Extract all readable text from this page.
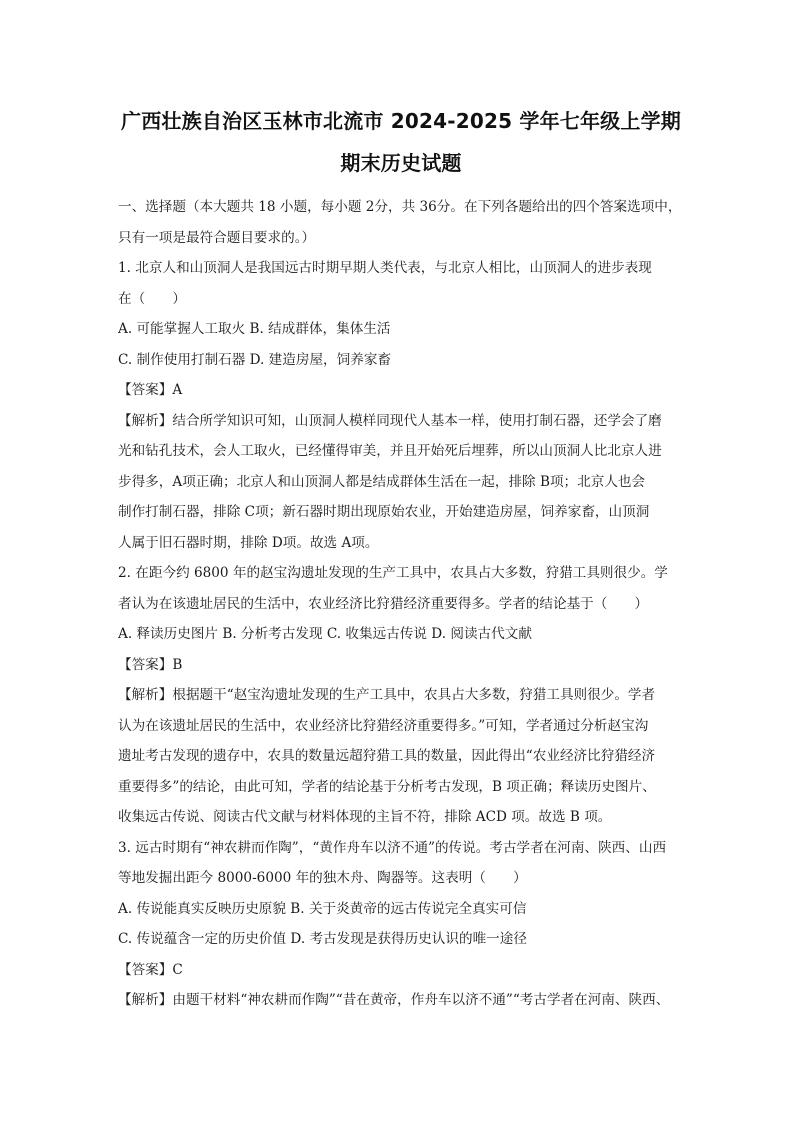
广西壮族自治区玉林市北流市 2024-2025 学年七年级上学期
期末历史试题
一、选择题（本大题共 18 小题，每小题 2分，共 36分。在下列各题给出的四个答案选项中，
只有一项是最符合题目要求的。）
1. 北京人和山顶洞人是我国远古时期早期人类代表，与北京人相比，山顶洞人的进步表现
在（　　）
A. 可能掌握人工取火 B. 结成群体，集体生活
C. 制作使用打制石器 D. 建造房屋，饲养家畜
【答案】A
【解析】结合所学知识可知，山顶洞人模样同现代人基本一样，使用打制石器，还学会了磨
光和钻孔技术，会人工取火，已经懂得审美，并且开始死后埋葬，所以山顶洞人比北京人进
步得多，A项正确；北京人和山顶洞人都是结成群体生活在一起，排除 B项；北京人也会
制作打制石器，排除 C项；新石器时期出现原始农业，开始建造房屋，饲养家畜，山顶洞
人属于旧石器时期，排除 D项。故选 A项。
2. 在距今约 6800 年的赵宝沟遗址发现的生产工具中，农具占大多数，狩猎工具则很少。学
者认为在该遗址居民的生活中，农业经济比狩猎经济重要得多。学者的结论基于（　　）
A. 释读历史图片 B. 分析考古发现 C. 收集远古传说 D. 阅读古代文献
【答案】B
【解析】根据题干“赵宝沟遗址发现的生产工具中，农具占大多数，狩猎工具则很少。学者
认为在该遗址居民的生活中，农业经济比狩猎经济重要得多。”可知，学者通过分析赵宝沟
遗址考古发现的遗存中，农具的数量远超狩猎工具的数量，因此得出“农业经济比狩猎经济
重要得多”的结论，由此可知，学者的结论基于分析考古发现，B 项正确；释读历史图片、
收集远古传说、阅读古代文献与材料体现的主旨不符，排除 ACD 项。故选 B 项。
3. 远古时期有“神农耕而作陶”，“黄作舟车以济不通”的传说。考古学者在河南、陕西、山西
等地发掘出距今 8000-6000 年的独木舟、陶器等。这表明（　　）
A. 传说能真实反映历史原貌 B. 关于炎黄帝的远古传说完全真实可信
C. 传说蕴含一定的历史价值 D. 考古发现是获得历史认识的唯一途径
【答案】C
【解析】由题干材料“神农耕而作陶”“昔在黄帝，作舟车以济不通”“考古学者在河南、陕西、
